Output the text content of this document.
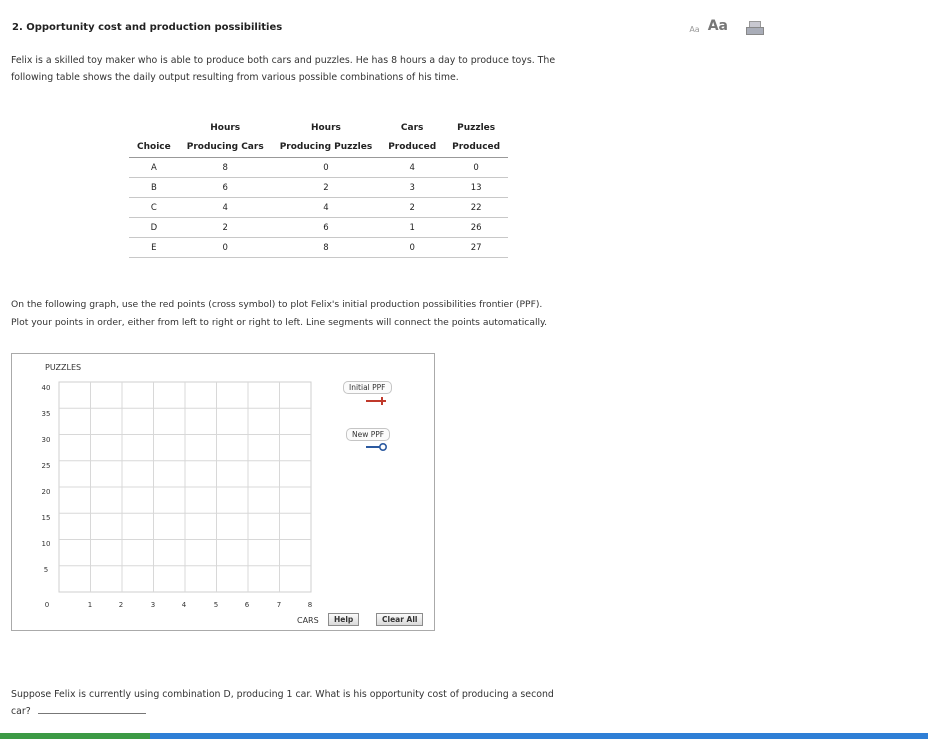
2. Opportunity cost and production possibilities	Aa Aa
Felix is a skilled toy maker who is able to produce both cars and puzzles. He has 8 hours a day to produce toys. The
following table shows the daily output resulting from various possible combinations of his time.
	Hours	Hours	Cars	Puzzles
Choice	Producing Cars	Producing Puzzles	Produced	Produced
A	8	0	4	0
B	6	2	3	13
C	4	4	2	22
D	2	6	1	26
E	0	8	0	27
On the following graph, use the red points (cross symbol) to plot Felix's initial production possibilities frontier (PPF).
Plot your points in order, either from left to right or right to left. Line segments will connect the points automatically.
PUZZLES
40
35
30
25
20
15
10
5
0	1	2	3	4	5	6	7	8
CARS
Initial PPF
New PPF
Help	Clear All
Suppose Felix is currently using combination D, producing 1 car. What is his opportunity cost of producing a second
car?
